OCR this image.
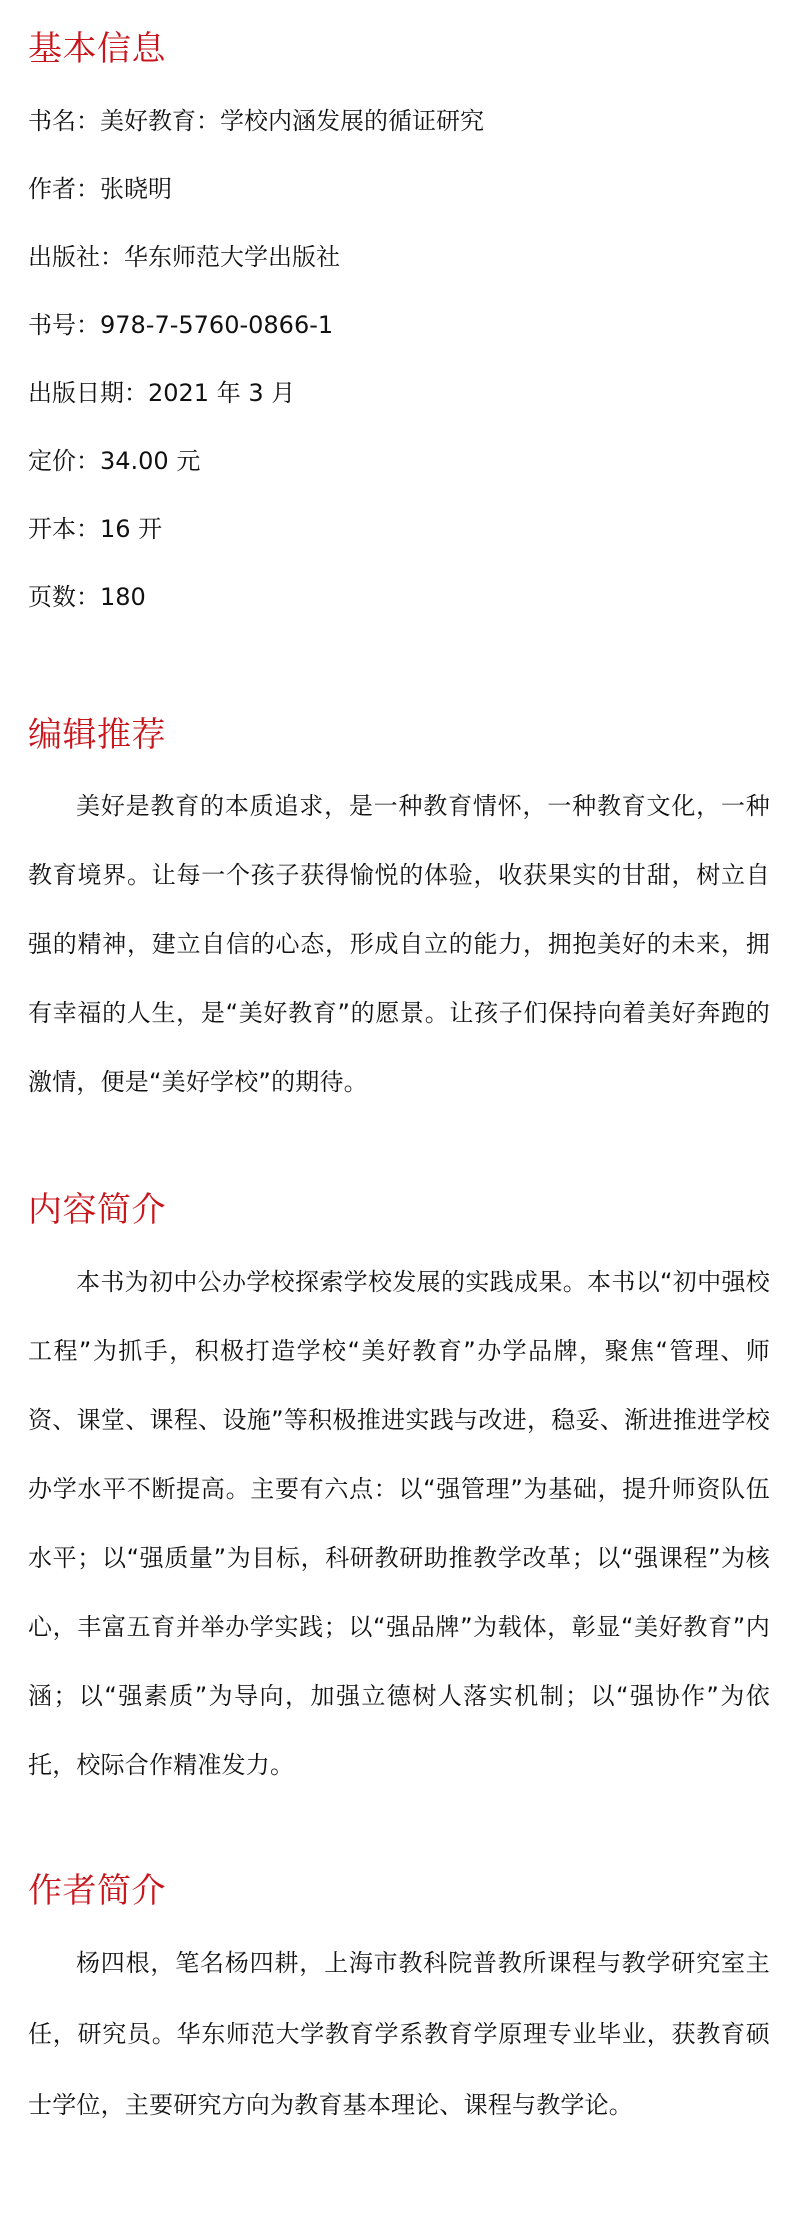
基本信息
书名：美好教育：学校内涵发展的循证研究
作者：张晓明
出版社：华东师范大学出版社
书号：978-7-5760-0866-1
出版日期：2021 年 3 月
定价：34.00 元
开本：16 开
页数：180
编辑推荐
美好是教育的本质追求，是一种教育情怀，一种教育文化，一种教育境界。让每一个孩子获得愉悦的体验，收获果实的甘甜，树立自强的精神，建立自信的心态，形成自立的能力，拥抱美好的未来，拥有幸福的人生，是“美好教育”的愿景。让孩子们保持向着美好奔跑的激情，便是“美好学校”的期待。
内容简介
本书为初中公办学校探索学校发展的实践成果。本书以“初中强校工程”为抓手，积极打造学校“美好教育”办学品牌，聚焦“管理、师资、课堂、课程、设施”等积极推进实践与改进，稳妥、渐进推进学校办学水平不断提高。主要有六点：以“强管理”为基础，提升师资队伍水平；以“强质量”为目标，科研教研助推教学改革；以“强课程”为核心，丰富五育并举办学实践；以“强品牌”为载体，彰显“美好教育”内涵；以“强素质”为导向，加强立德树人落实机制；以“强协作”为依托，校际合作精准发力。
作者简介
杨四根，笔名杨四耕，上海市教科院普教所课程与教学研究室主任，研究员。华东师范大学教育学系教育学原理专业毕业，获教育硕士学位，主要研究方向为教育基本理论、课程与教学论。
